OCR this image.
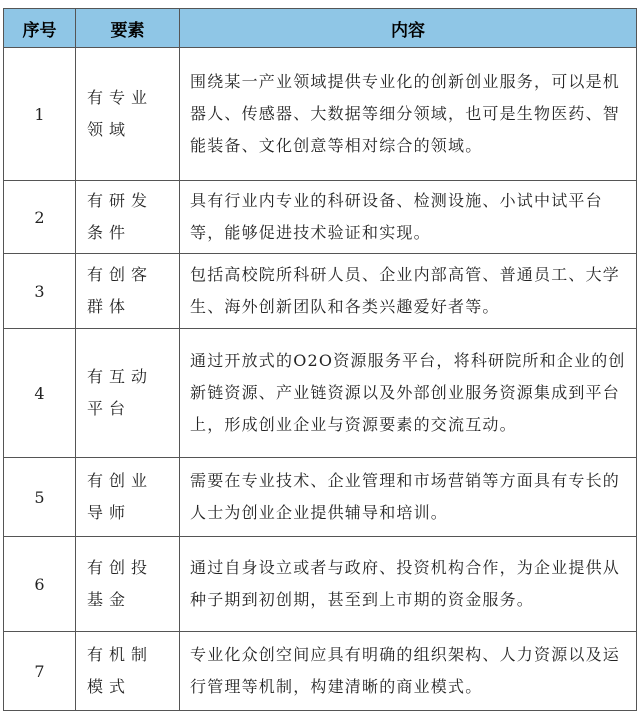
序号	要素	内容
1	有专业领域	围绕某一产业领域提供专业化的创新创业服务，可以是机器人、传感器、大数据等细分领域，也可是生物医药、智能装备、文化创意等相对综合的领域。
2	有研发条件	具有行业内专业的科研设备、检测设施、小试中试平台等，能够促进技术验证和实现。
3	有创客群体	包括高校院所科研人员、企业内部高管、普通员工、大学生、海外创新团队和各类兴趣爱好者等。
4	有互动平台	通过开放式的O2O资源服务平台，将科研院所和企业的创新链资源、产业链资源以及外部创业服务资源集成到平台上，形成创业企业与资源要素的交流互动。
5	有创业导师	需要在专业技术、企业管理和市场营销等方面具有专长的人士为创业企业提供辅导和培训。
6	有创投基金	通过自身设立或者与政府、投资机构合作，为企业提供从种子期到初创期，甚至到上市期的资金服务。
7	有机制模式	专业化众创空间应具有明确的组织架构、人力资源以及运行管理等机制，构建清晰的商业模式。
